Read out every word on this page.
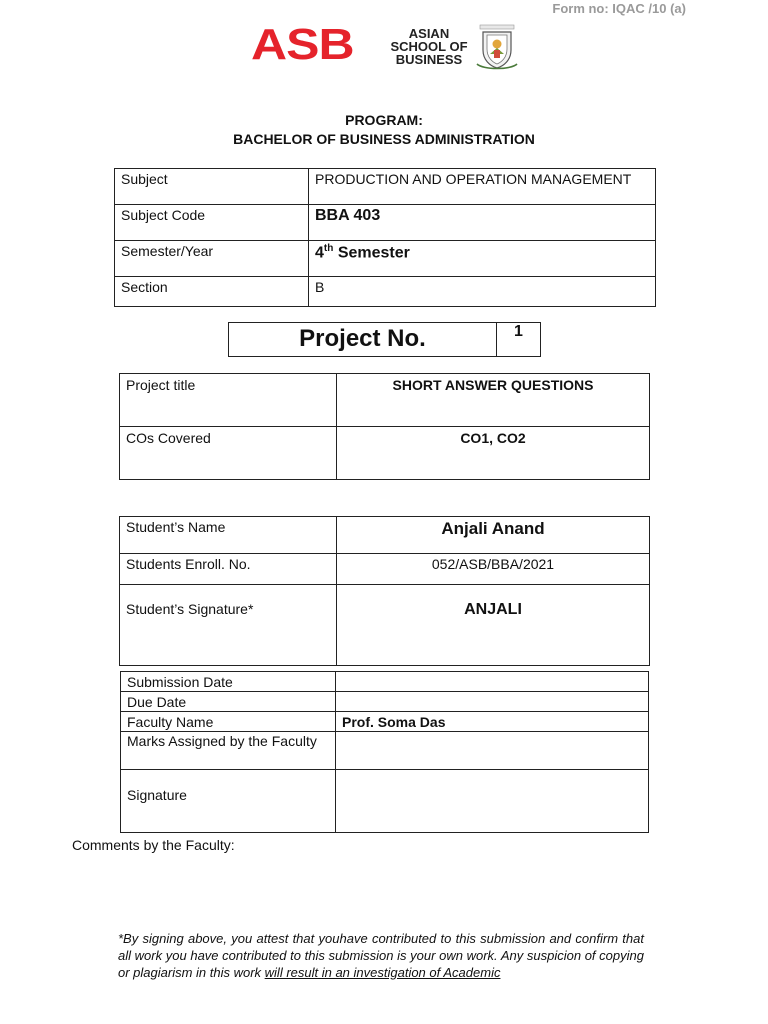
Form no: IQAC /10 (a)
ASB	ASIAN
SCHOOL OF
BUSINESS
PROGRAM:
BACHELOR OF BUSINESS ADMINISTRATION
Subject	PRODUCTION AND OPERATION MANAGEMENT
Subject Code	BBA 403
Semester/Year	4th Semester
Section	B
Project No.	1
Project title	SHORT ANSWER QUESTIONS
COs Covered	CO1, CO2
Student’s Name	Anjali Anand
Students Enroll. No.	052/ASB/BBA/2021
Student’s Signature*	ANJALI
Submission Date	
Due Date	
Faculty Name	Prof. Soma Das
Marks Assigned by the Faculty	
Signature	
Comments by the Faculty:
*By signing above, you attest that youhave contributed to this submission and confirm that all work you have contributed to this submission is your own work. Any suspicion of copying or plagiarism in this work will result in an investigation of Academic
